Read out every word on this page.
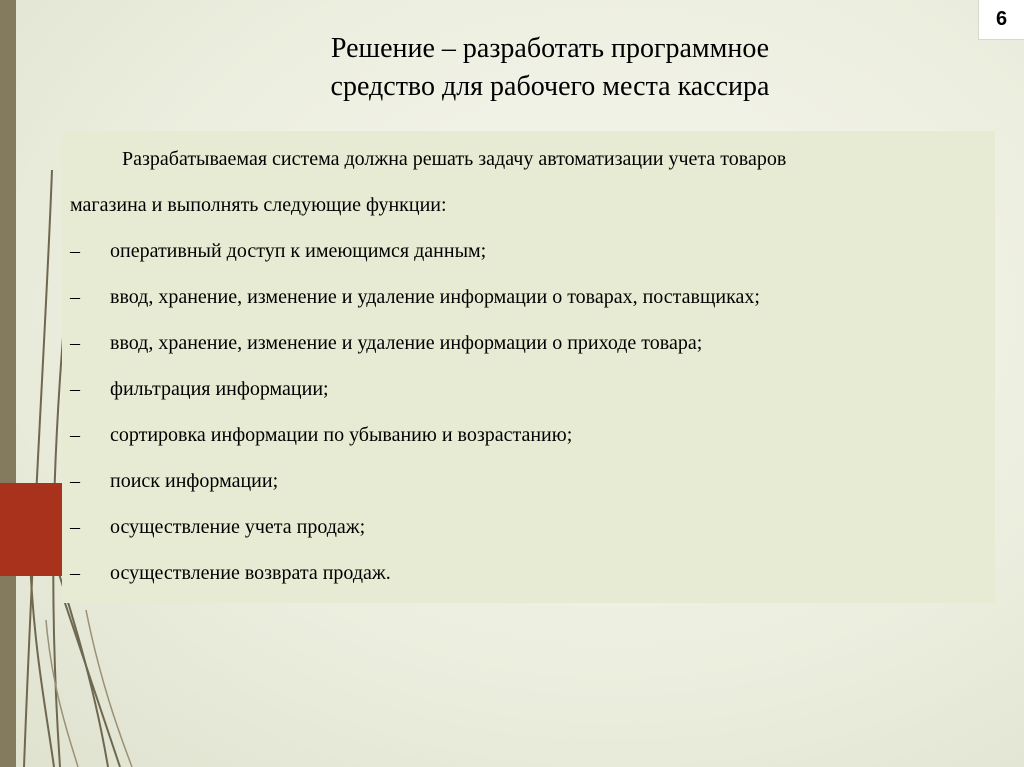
6
Решение – разработать программное
средство для рабочего места кассира

Разрабатываемая система должна решать задачу автоматизации учета товаров

магазина и выполнять следующие функции:

–	оперативный доступ к имеющимся данным;
–	ввод, хранение, изменение и удаление информации о товарах, поставщиках;
–	ввод, хранение, изменение и удаление информации о приходе товара;
–	фильтрация информации;
–	сортировка информации по убыванию и возрастанию;
–	поиск информации;
–	осуществление учета продаж;
–	осуществление возврата продаж.
